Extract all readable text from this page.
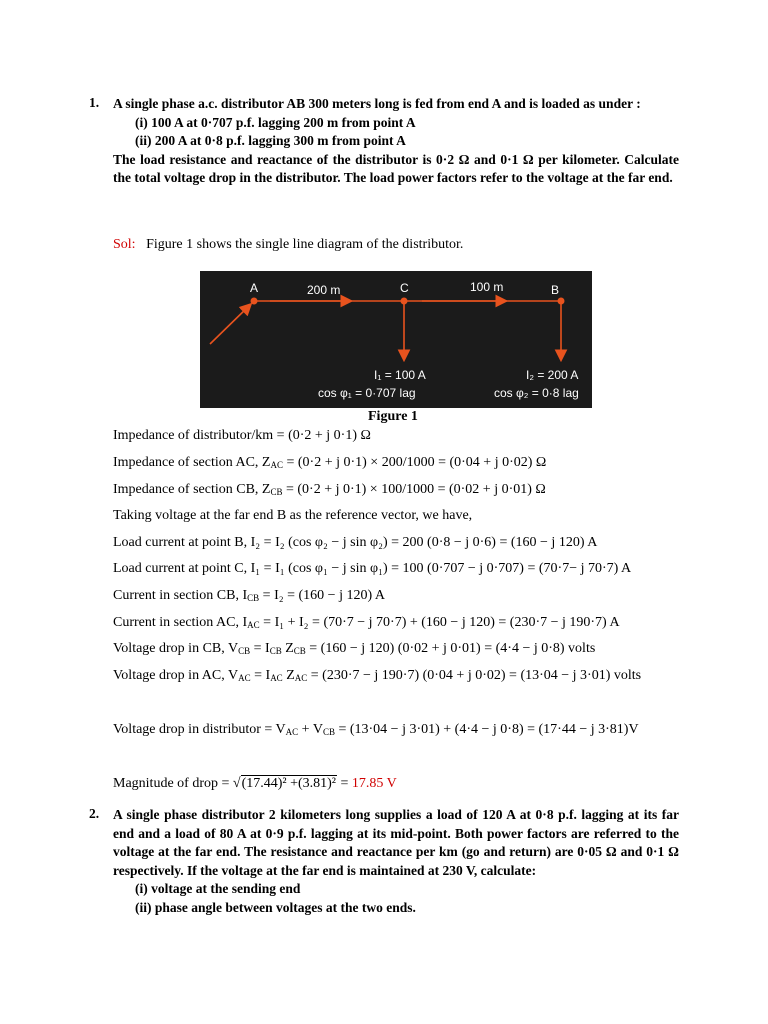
1. A single phase a.c. distributor AB 300 meters long is fed from end A and is loaded as under :
(i) 100 A at 0·707 p.f. lagging 200 m from point A
(ii) 200 A at 0·8 p.f. lagging 300 m from point A
The load resistance and reactance of the distributor is 0·2 Ω and 0·1 Ω per kilometer. Calculate the total voltage drop in the distributor. The load power factors refer to the voltage at the far end.
Sol: Figure 1 shows the single line diagram of the distributor.
A	C	B
200 m	100 m
I₁ = 100 A
cos φ₁ = 0·707 lag
I₂ = 200 A
cos φ₂ = 0·8 lag
Figure 1
Impedance of distributor/km = (0·2 + j 0·1) Ω
Impedance of section AC, $Z_{AC} = (0\cdot 2 + j$ 0·1) × 200/1000 = (0·04 + j 0·02) Ω
Impedance of section CB, $Z_{CB} = (0\cdot 2 + j$ 0·1) × 100/1000 = (0·02 + j 0·01) Ω
Taking voltage at the far end B as the reference vector, we have,
Load current at point B, I₂ = I₂ (cos φ₂ − j sin φ₂) = 200 (0·8 − j 0·6) = (160 − j 120) A
Load current at point C, I₁ = I₁ (cos φ₁ − j sin φ₁) = 100 (0·707 − j 0·707) = (70·7− j 70·7) A
Current in section CB, $I_{CB} = I_2 = (160 - j$ 120) A
Current in section AC, $I_{AC} = I_1 + I_2 = (70\cdot 7 - j$ 70·7) + (160 − j 120) = (230·7 − j 190·7) A
Voltage drop in CB, $V_{CB} = I_{CB}$ $Z_{CB} = (160 - j$ 120) (0·02 + j 0·01) = (4·4 − j 0·8) volts
Voltage drop in AC, $V_{AC} = I_{AC}$ $Z_{AC} = (230\cdot 7 - j$ 190·7) (0·04 + j 0·02) = (13·04 − j 3·01) volts
Voltage drop in distributor = $V_{AC} + V_{CB} = (13\cdot 04 - j$ 3·01) + (4·4 − j 0·8) = (17·44 − j 3·81)V
Magnitude of drop = √(17.44)² +(3.81)² = 17.85 V
2. A single phase distributor 2 kilometers long supplies a load of 120 A at 0·8 p.f. lagging at its far end and a load of 80 A at 0·9 p.f. lagging at its mid-point. Both power factors are referred to the voltage at the far end. The resistance and reactance per km (go and return) are 0·05 Ω and 0·1 Ω respectively. If the voltage at the far end is maintained at 230 V, calculate:
(i) voltage at the sending end
(ii) phase angle between voltages at the two ends.
